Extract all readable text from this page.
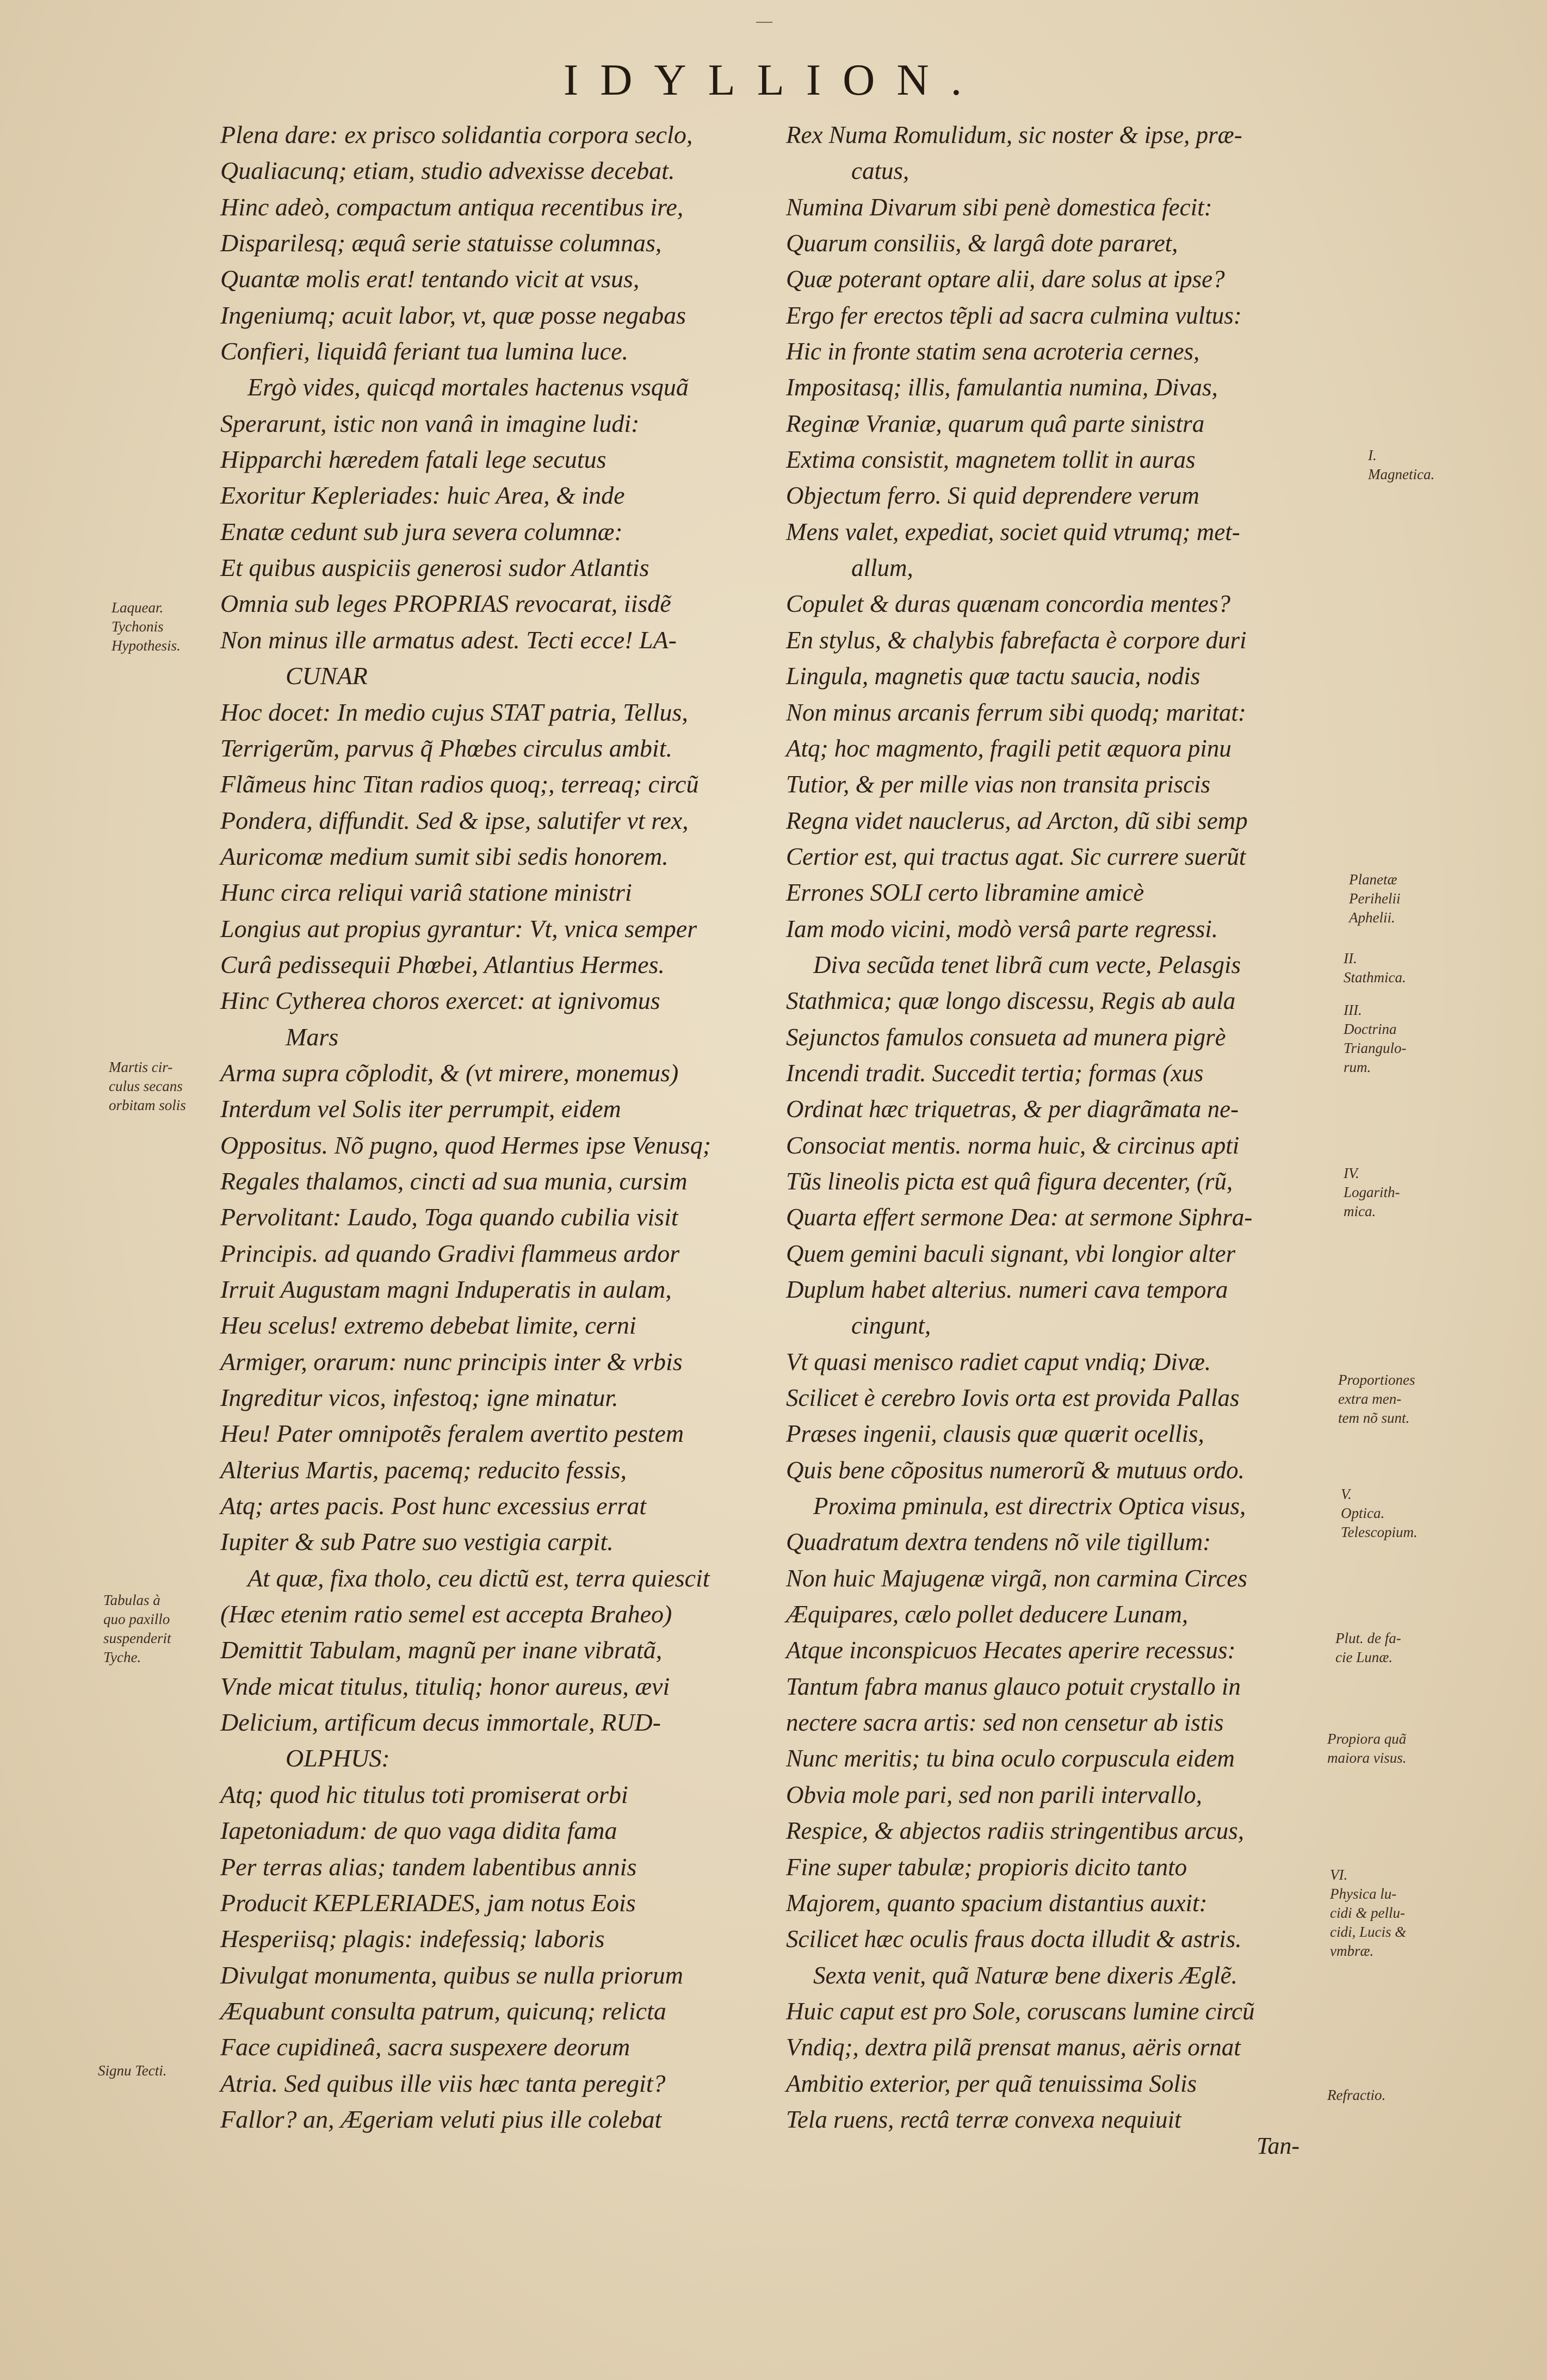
IDYLLION.
Plena dare: ex prisco solidantia corpora seclo,
Qualiacunq; etiam, studio advexisse decebat.
Hinc adeò, compactum antiqua recentibus ire,
Disparilesq; æquâ serie statuisse columnas,
Quantæ molis erat! tentando vicit at vsus,
Ingeniumq; acuit labor, vt, quæ posse negabas
Confieri, liquidâ feriant tua lumina luce.
Ergò vides, quicqd mortales hactenus vsquã
Sperarunt, istic non vanâ in imagine ludi:
Hipparchi hæredem fatali lege secutus
Exoritur Kepleriades: huic Area, & inde
Enatæ cedunt sub jura severa columnæ:
Et quibus auspiciis generosi sudor Atlantis
Omnia sub leges PROPRIAS revocarat, iisdẽ
Non minus ille armatus adest. Tecti ecce! LA-
CUNAR
Hoc docet: In medio cujus STAT patria, Tellus,
Terrigerũm, parvus q̃ Phœbes circulus ambit.
Flãmeus hinc Titan radios quoq;, terreaq; circũ
Pondera, diffundit. Sed & ipse, salutifer vt rex,
Auricomæ medium sumit sibi sedis honorem.
Hunc circa reliqui variâ statione ministri
Longius aut propius gyrantur: Vt, vnica semper
Curâ pedissequii Phœbei, Atlantius Hermes.
Hinc Cytherea choros exercet: at ignivomus
Mars
Arma supra cõplodit, & (vt mirere, monemus)
Interdum vel Solis iter perrumpit, eidem
Oppositus. Nõ pugno, quod Hermes ipse Venusq;
Regales thalamos, cincti ad sua munia, cursim
Pervolitant: Laudo, Toga quando cubilia visit
Principis. ad quando Gradivi flammeus ardor
Irruit Augustam magni Induperatis in aulam,
Heu scelus! extremo debebat limite, cerni
Armiger, orarum: nunc principis inter & vrbis
Ingreditur vicos, infestoq; igne minatur.
Heu! Pater omnipotẽs feralem avertito pestem
Alterius Martis, pacemq; reducito fessis,
Atq; artes pacis. Post hunc excessius errat
Iupiter & sub Patre suo vestigia carpit.
At quæ, fixa tholo, ceu dictũ est, terra quiescit
(Hæc etenim ratio semel est accepta Braheo)
Demittit Tabulam, magnũ per inane vibratã,
Vnde micat titulus, tituliq; honor aureus, ævi
Delicium, artificum decus immortale, RUD-
OLPHUS:
Atq; quod hic titulus toti promiserat orbi
Iapetoniadum: de quo vaga didita fama
Per terras alias; tandem labentibus annis
Producit KEPLERIADES, jam notus Eois
Hesperiisq; plagis: indefessiq; laboris
Divulgat monumenta, quibus se nulla priorum
Æquabunt consulta patrum, quicunq; relicta
Face cupidineâ, sacra suspexere deorum
Atria. Sed quibus ille viis hæc tanta peregit?
Fallor? an, Ægeriam veluti pius ille colebat
Rex Numa Romulidum, sic noster & ipse, præ-
catus,
Numina Divarum sibi penè domestica fecit:
Quarum consiliis, & largâ dote pararet,
Quæ poterant optare alii, dare solus at ipse?
Ergo fer erectos tẽpli ad sacra culmina vultus:
Hic in fronte statim sena acroteria cernes,
Impositasq; illis, famulantia numina, Divas,
Reginæ Vraniæ, quarum quâ parte sinistra
Extima consistit, magnetem tollit in auras
Objectum ferro. Si quid deprendere verum
Mens valet, expediat, societ quid vtrumq; met-
allum,
Copulet & duras quænam concordia mentes?
En stylus, & chalybis fabrefacta è corpore duri
Lingula, magnetis quæ tactu saucia, nodis
Non minus arcanis ferrum sibi quodq; maritat:
Atq; hoc magmento, fragili petit æquora pinu
Tutior, & per mille vias non transita priscis
Regna videt nauclerus, ad Arcton, dũ sibi semp
Certior est, qui tractus agat. Sic currere suerũt
Errones SOLI certo libramine amicè
Iam modo vicini, modò versâ parte regressi.
Diva secũda tenet librã cum vecte, Pelasgis
Stathmica; quæ longo discessu, Regis ab aula
Sejunctos famulos consueta ad munera pigrè
Incendi tradit. Succedit tertia; formas (xus
Ordinat hæc triquetras, & per diagrãmata ne-
Consociat mentis. norma huic, & circinus apti
Tũs lineolis picta est quâ figura decenter, (rũ,
Quarta effert sermone Dea: at sermone Siphra-
Quem gemini baculi signant, vbi longior alter
Duplum habet alterius. numeri cava tempora
cingunt,
Vt quasi menisco radiet caput vndiq; Divæ.
Scilicet è cerebro Iovis orta est provida Pallas
Præses ingenii, clausis quæ quærit ocellis,
Quis bene cõpositus numerorũ & mutuus ordo.
Proxima pminula, est directrix Optica visus,
Quadratum dextra tendens nõ vile tigillum:
Non huic Majugenæ virgã, non carmina Circes
Æquipares, cælo pollet deducere Lunam,
Atque inconspicuos Hecates aperire recessus:
Tantum fabra manus glauco potuit crystallo in
nectere sacra artis: sed non censetur ab istis
Nunc meritis; tu bina oculo corpuscula eidem
Obvia mole pari, sed non parili intervallo,
Respice, & abjectos radiis stringentibus arcus,
Fine super tabulæ; propioris dicito tanto
Majorem, quanto spacium distantius auxit:
Scilicet hæc oculis fraus docta illudit & astris.
Sexta venit, quã Naturæ bene dixeris Æglẽ.
Huic caput est pro Sole, coruscans lumine circũ
Vndiq;, dextra pilã prensat manus, aëris ornat
Ambitio exterior, per quã tenuissima Solis
Tela ruens, rectâ terræ convexa nequiuit
Laquear.
Tychonis
Hypothesis.
Martis cir-
culus secans
orbitam solis
Tabulas à
quo paxillo
suspenderit
Tyche.
Signu Tecti.
I.
Magnetica.
Planetæ
Perihelii
Aphelii.
II.
Stathmica.
III.
Doctrina
Triangulo-
rum.
IV.
Logarith-
mica.
Proportiones
extra men-
tem nõ sunt.
V.
Optica.
Telescopium.
Plut. de fa-
cie Lunæ.
Propiora quã
maiora visus.
VI.
Physica lu-
cidi & pellu-
cidi, Lucis &
vmbræ.
Refractio.
Tan-
